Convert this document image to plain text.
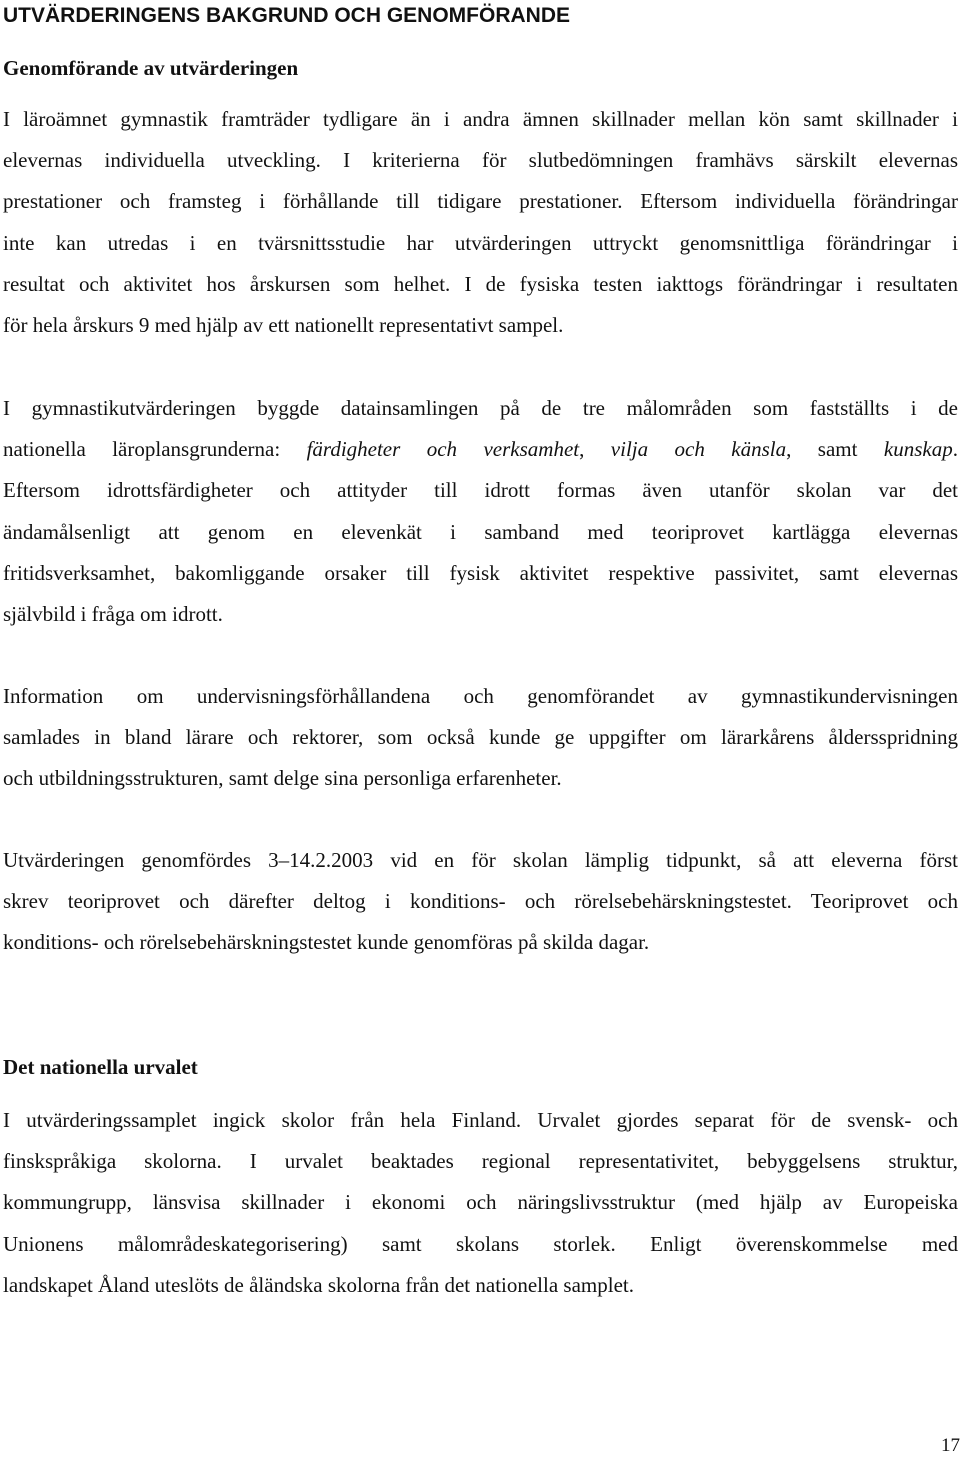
UTVÄRDERINGENS BAKGRUND OCH GENOMFÖRANDE
Genomförande av utvärderingen

I läroämnet gymnastik framträder tydligare än i andra ämnen skillnader mellan kön samt skillnader i
elevernas individuella utveckling. I kriterierna för slutbedömningen framhävs särskilt elevernas
prestationer och framsteg i förhållande till tidigare prestationer. Eftersom individuella förändringar
inte kan utredas i en tvärsnittsstudie har utvärderingen uttryckt genomsnittliga förändringar i
resultat och aktivitet hos årskursen som helhet. I de fysiska testen iakttogs förändringar i resultaten
för hela årskurs 9 med hjälp av ett nationellt representativt sampel.

I gymnastikutvärderingen byggde datainsamlingen på de tre målområden som fastställts i de
nationella läroplansgrunderna: färdigheter och verksamhet, vilja och känsla, samt kunskap.
Eftersom idrottsfärdigheter och attityder till idrott formas även utanför skolan var det
ändamålsenligt att genom en elevenkät i samband med teoriprovet kartlägga elevernas
fritidsverksamhet, bakomliggande orsaker till fysisk aktivitet respektive passivitet, samt elevernas
självbild i fråga om idrott.

Information om undervisningsförhållandena och genomförandet av gymnastikundervisningen
samlades in bland lärare och rektorer, som också kunde ge uppgifter om lärarkårens åldersspridning
och utbildningsstrukturen, samt delge sina personliga erfarenheter.

Utvärderingen genomfördes 3–14.2.2003 vid en för skolan lämplig tidpunkt, så att eleverna först
skrev teoriprovet och därefter deltog i konditions- och rörelsebehärskningstestet. Teoriprovet och
konditions- och rörelsebehärskningstestet kunde genomföras på skilda dagar.

Det nationella urvalet

I utvärderingssamplet ingick skolor från hela Finland. Urvalet gjordes separat för de svensk- och
finskspråkiga skolorna. I urvalet beaktades regional representativitet, bebyggelsens struktur,
kommungrupp, länsvisa skillnader i ekonomi och näringslivsstruktur (med hjälp av Europeiska
Unionens målområdeskategorisering) samt skolans storlek. Enligt överenskommelse med
landskapet Åland uteslöts de åländska skolorna från det nationella samplet.

17
